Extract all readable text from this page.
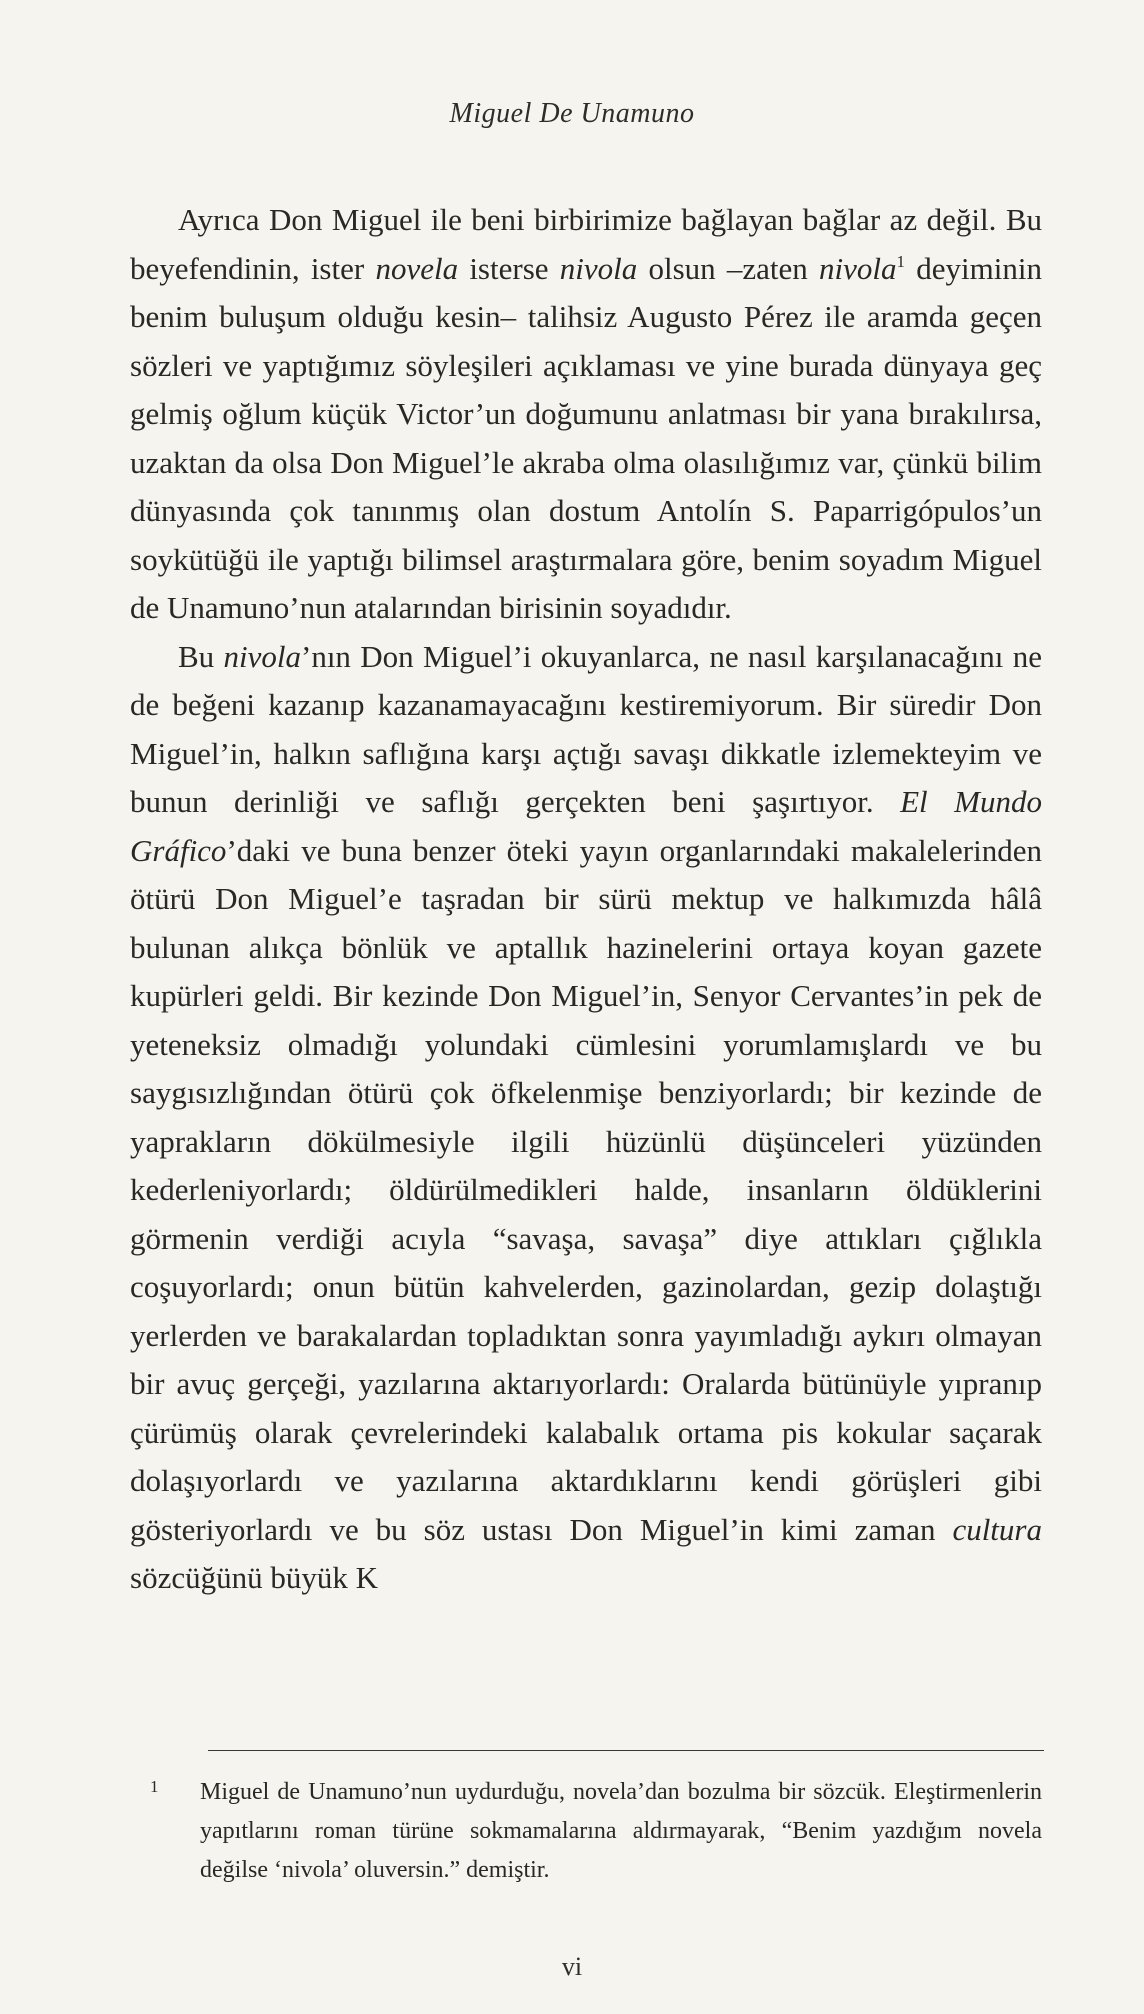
Miguel De Unamuno

Ayrıca Don Miguel ile beni birbirimize bağlayan bağlar az değil. Bu beyefendinin, ister novela isterse nivola olsun –zaten nivola$^1$ deyiminin benim buluşum olduğu kesin– talihsiz Augusto Pérez ile aramda geçen sözleri ve yaptığımız söyleşileri açıklaması ve yine burada dünyaya geç gelmiş oğlum küçük Victor’un doğumunu anlatması bir yana bırakılırsa, uzaktan da olsa Don Miguel’le akraba olma olasılığımız var, çünkü bilim dünyasında çok tanınmış olan dostum Antolín S. Paparrigópulos’un soykütüğü ile yaptığı bilimsel araştırmalara göre, benim soyadım Miguel de Unamuno’nun atalarından birisinin soyadıdır.

Bu nivola’nın Don Miguel’i okuyanlarca, ne nasıl karşılanacağını ne de beğeni kazanıp kazanamayacağını kestiremiyorum. Bir süredir Don Miguel’in, halkın saflığına karşı açtığı savaşı dikkatle izlemekteyim ve bunun derinliği ve saflığı gerçekten beni şaşırtıyor. El Mundo Gráfico’daki ve buna benzer öteki yayın organlarındaki makalelerinden ötürü Don Miguel’e taşradan bir sürü mektup ve halkımızda hâlâ bulunan alıkça bönlük ve aptallık hazinelerini ortaya koyan gazete kupürleri geldi. Bir kezinde Don Miguel’in, Senyor Cervantes’in pek de yeteneksiz olmadığı yolundaki cümlesini yorumlamışlardı ve bu saygısızlığından ötürü çok öfkelenmişe benziyorlardı; bir kezinde de yaprakların dökülmesiyle ilgili hüzünlü düşünceleri yüzünden kederleniyorlardı; öldürülmedikleri halde, insanların öldüklerini görmenin verdiği acıyla “savaşa, savaşa” diye attıkları çığlıkla coşuyorlardı; onun bütün kahvelerden, gazinolardan, gezip dolaştığı yerlerden ve barakalardan topladıktan sonra yayımladığı aykırı olmayan bir avuç gerçeği, yazılarına aktarıyorlardı: Oralarda bütünüyle yıpranıp çürümüş olarak çevrelerindeki kalabalık ortama pis kokular saçarak dolaşıyorlardı ve yazılarına aktardıklarını kendi görüşleri gibi gösteriyorlardı ve bu söz ustası Don Miguel’in kimi zaman cultura sözcüğünü büyük K

1 Miguel de Unamuno’nun uydurduğu, novela’dan bozulma bir sözcük. Eleştirmenlerin yapıtlarını roman türüne sokmamalarına aldırmayarak, “Benim yazdığım novela değilse ‘nivola’ oluversin.” demiştir.
vi
